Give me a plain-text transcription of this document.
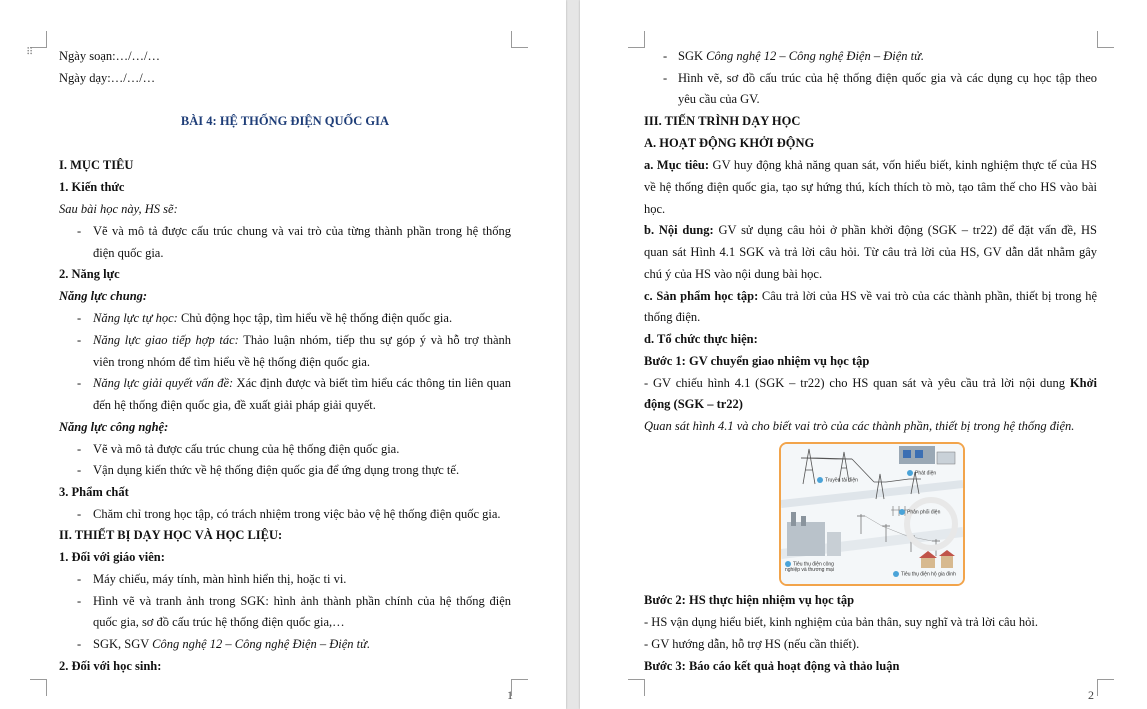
⠿ Ngày soạn:…/…/…
Ngày dạy:…/…/…
BÀI 4: HỆ THỐNG ĐIỆN QUỐC GIA
I. MỤC TIÊU
1. Kiến thức
Sau bài học này, HS sẽ:
- Vẽ và mô tả được cấu trúc chung và vai trò của từng thành phần trong hệ thống
điện quốc gia.
2. Năng lực
Năng lực chung:
- Năng lực tự học: Chủ động học tập, tìm hiểu về hệ thống điện quốc gia.
- Năng lực giao tiếp hợp tác: Thảo luận nhóm, tiếp thu sự góp ý và hỗ trợ thành
viên trong nhóm để tìm hiểu về hệ thống điện quốc gia.
- Năng lực giải quyết vấn đề: Xác định được và biết tìm hiểu các thông tin liên quan
đến hệ thống điện quốc gia, đề xuất giải pháp giải quyết.
Năng lực công nghệ:
- Vẽ và mô tả được cấu trúc chung của hệ thống điện quốc gia.
- Vận dụng kiến thức về hệ thống điện quốc gia để ứng dụng trong thực tế.
3. Phẩm chất
- Chăm chỉ trong học tập, có trách nhiệm trong việc bảo vệ hệ thống điện quốc gia.
II. THIẾT BỊ DẠY HỌC VÀ HỌC LIỆU:
1. Đối với giáo viên:
- Máy chiếu, máy tính, màn hình hiển thị, hoặc ti vi.
- Hình vẽ và tranh ảnh trong SGK: hình ảnh thành phần chính của hệ thống điện
quốc gia, sơ đồ cấu trúc hệ thống điện quốc gia,…
- SGK, SGV Công nghệ 12 – Công nghệ Điện – Điện tử.
2. Đối với học sinh:
1
- SGK Công nghệ 12 – Công nghệ Điện – Điện tử.
- Hình vẽ, sơ đồ cấu trúc của hệ thống điện quốc gia và các dụng cụ học tập theo
yêu cầu của GV.
III. TIẾN TRÌNH DẠY HỌC
A. HOẠT ĐỘNG KHỞI ĐỘNG
a. Mục tiêu: GV huy động khả năng quan sát, vốn hiểu biết, kinh nghiệm thực tế của HS
về hệ thống điện quốc gia, tạo sự hứng thú, kích thích tò mò, tạo tâm thế cho HS vào bài
học.
b. Nội dung: GV sử dụng câu hỏi ở phần khởi động (SGK – tr22) để đặt vấn đề, HS
quan sát Hình 4.1 SGK và trả lời câu hỏi. Từ câu trả lời của HS, GV dẫn dắt nhằm gây
chú ý của HS vào nội dung bài học.
c. Sản phẩm học tập: Câu trả lời của HS về vai trò của các thành phần, thiết bị trong hệ
thống điện.
d. Tổ chức thực hiện:
Bước 1: GV chuyển giao nhiệm vụ học tập
- GV chiếu hình 4.1 (SGK – tr22) cho HS quan sát và yêu cầu trả lời nội dung Khởi
động (SGK – tr22)
Quan sát hình 4.1 và cho biết vai trò của các thành phần, thiết bị trong hệ thống điện.
Truyền tải điện
Phát điện
Phân phối điện
Tiêu thụ điện công nghiệp và thương mại
Tiêu thụ điện hộ gia đình
Bước 2: HS thực hiện nhiệm vụ học tập
- HS vận dụng hiểu biết, kinh nghiệm của bản thân, suy nghĩ và trả lời câu hỏi.
- GV hướng dẫn, hỗ trợ HS (nếu cần thiết).
Bước 3: Báo cáo kết quả hoạt động và thảo luận
2
